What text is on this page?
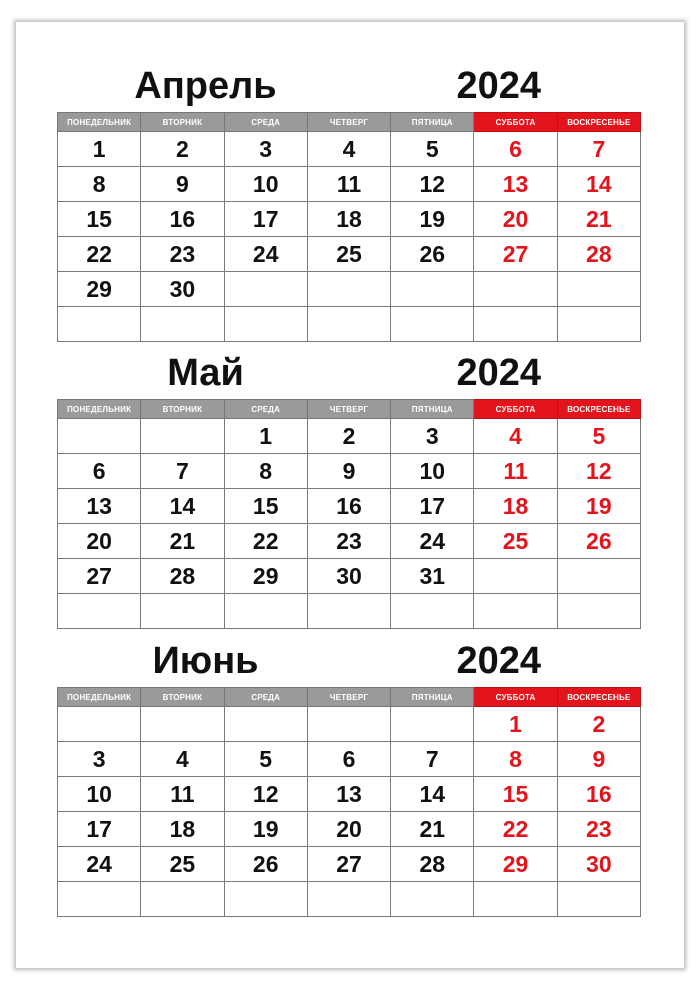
Апрель	2024
ПОНЕДЕЛЬНИК	ВТОРНИК	СРЕДА	ЧЕТВЕРГ	ПЯТНИЦА	СУББОТА	ВОСКРЕСЕНЬЕ
1	2	3	4	5	6	7
8	9	10	11	12	13	14
15	16	17	18	19	20	21
22	23	24	25	26	27	28
29	30					

Май	2024
ПОНЕДЕЛЬНИК	ВТОРНИК	СРЕДА	ЧЕТВЕРГ	ПЯТНИЦА	СУББОТА	ВОСКРЕСЕНЬЕ
		1	2	3	4	5
6	7	8	9	10	11	12
13	14	15	16	17	18	19
20	21	22	23	24	25	26
27	28	29	30	31		

Июнь	2024
ПОНЕДЕЛЬНИК	ВТОРНИК	СРЕДА	ЧЕТВЕРГ	ПЯТНИЦА	СУББОТА	ВОСКРЕСЕНЬЕ
					1	2
3	4	5	6	7	8	9
10	11	12	13	14	15	16
17	18	19	20	21	22	23
24	25	26	27	28	29	30
